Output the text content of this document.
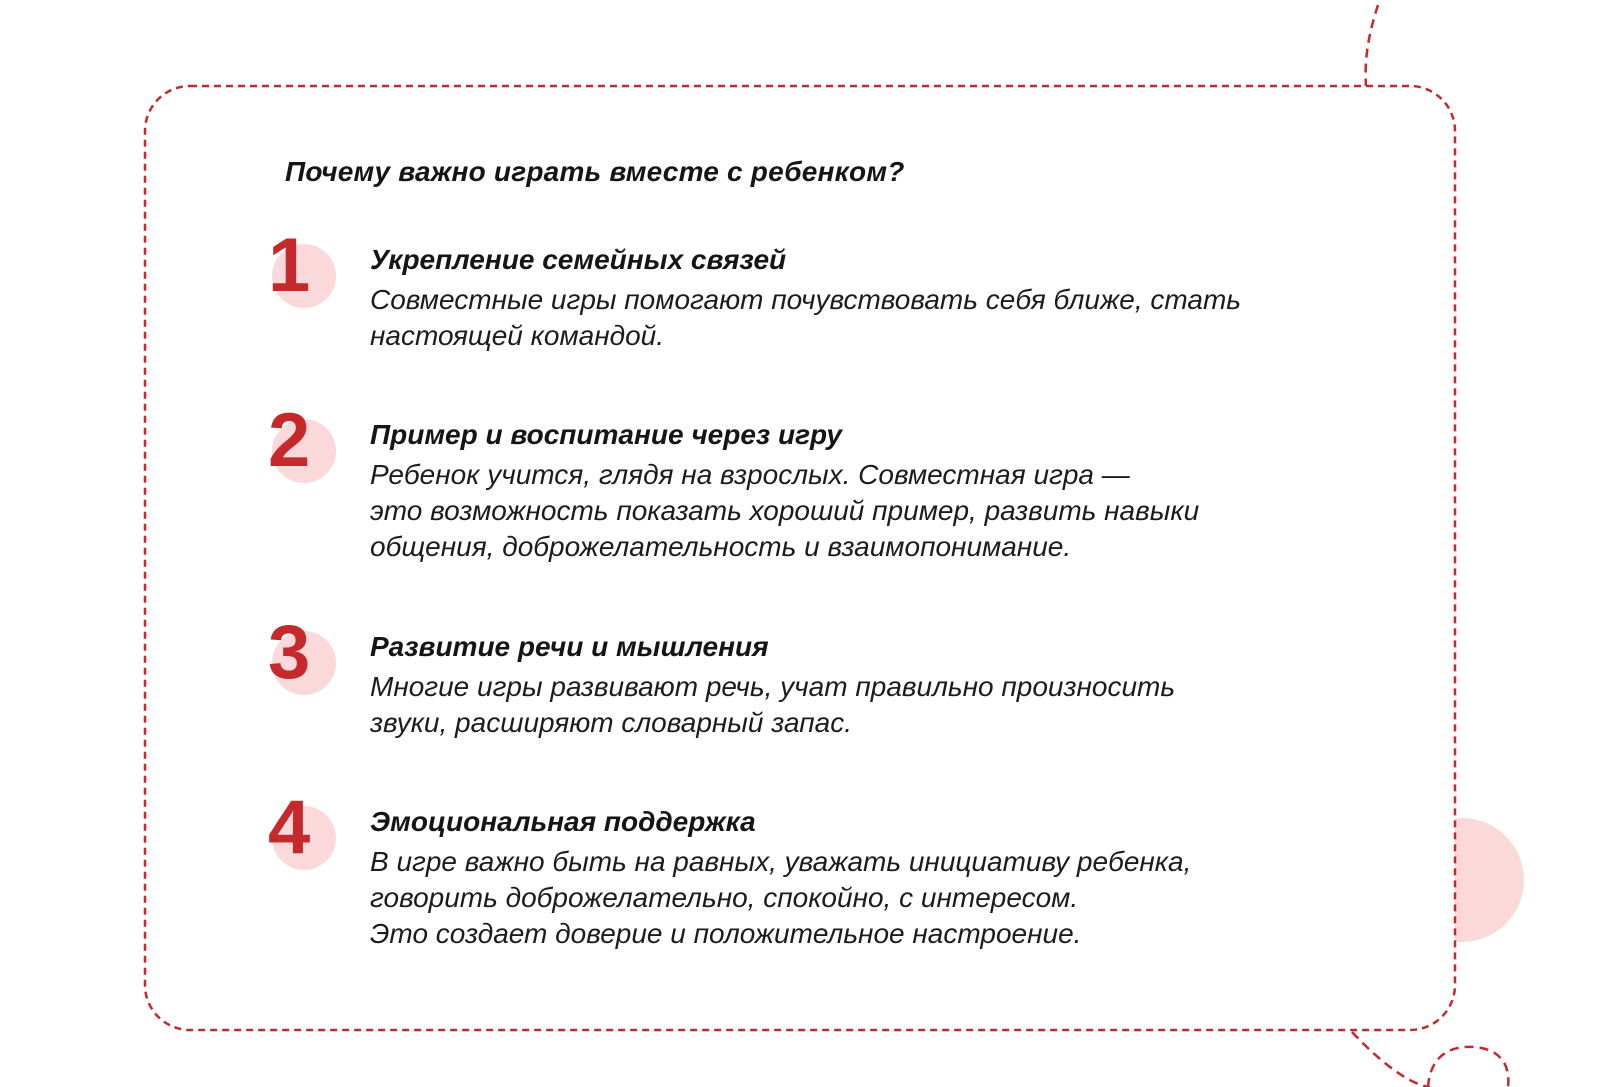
Почему важно играть вместе с ребенком?
1 Укрепление семейных связей
Совместные игры помогают почувствовать себя ближе, стать
настоящей командой.
2 Пример и воспитание через игру
Ребенок учится, глядя на взрослых. Совместная игра —
это возможность показать хороший пример, развить навыки
общения, доброжелательность и взаимопонимание.
3 Развитие речи и мышления
Многие игры развивают речь, учат правильно произносить
звуки, расширяют словарный запас.
4 Эмоциональная поддержка
В игре важно быть на равных, уважать инициативу ребенка,
говорить доброжелательно, спокойно, с интересом.
Это создает доверие и положительное настроение.
